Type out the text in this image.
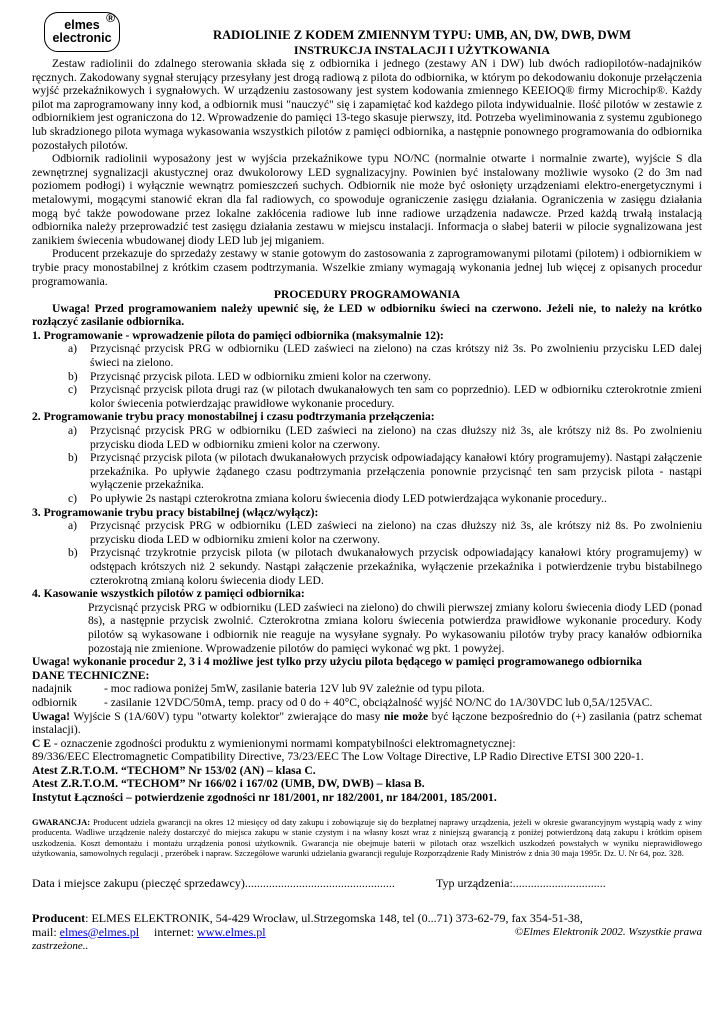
®
elmes
electronic	RADIOLINIE Z KODEM ZMIENNYM TYPU: UMB, AN, DW, DWB, DWM
INSTRUKCJA INSTALACJI I UŻYTKOWANIA

Zestaw radiolinii do zdalnego sterowania składa się z odbiornika i jednego (zestawy AN i DW) lub dwóch radiopilotów-nadajników ręcznych. Zakodowany sygnał sterujący przesyłany jest drogą radiową z pilota do odbiornika, w którym po dekodowaniu dokonuje przełączenia wyjść przekaźnikowych i sygnałowych. W urządzeniu zastosowany jest system kodowania zmiennego KEEIOQ® firmy Microchip®. Każdy pilot ma zaprogramowany inny kod, a odbiornik musi "nauczyć" się i zapamiętać kod każdego pilota indywidualnie. Ilość pilotów w zestawie z odbiornikiem jest ograniczona do 12. Wprowadzenie do pamięci 13-tego skasuje pierwszy, itd. Potrzeba wyeliminowania z systemu zgubionego lub skradzionego pilota wymaga wykasowania wszystkich pilotów z pamięci odbiornika, a następnie ponownego programowania do odbiornika pozostałych pilotów.

Odbiornik radiolinii wyposażony jest w wyjścia przekaźnikowe typu NO/NC (normalnie otwarte i normalnie zwarte), wyjście S dla zewnętrznej sygnalizacji akustycznej oraz dwukolorowy LED sygnalizacyjny. Powinien być instalowany możliwie wysoko (2 do 3m nad poziomem podłogi) i wyłącznie wewnątrz pomieszczeń suchych. Odbiornik nie może być osłonięty urządzeniami elektro-energetycznymi i metalowymi, mogącymi stanowić ekran dla fal radiowych, co spowoduje ograniczenie zasięgu działania. Ograniczenia w zasięgu działania mogą być także powodowane przez lokalne zakłócenia radiowe lub inne radiowe urządzenia nadawcze. Przed każdą trwałą instalacją odbiornika należy przeprowadzić test zasięgu działania zestawu w miejscu instalacji. Informacja o słabej baterii w pilocie sygnalizowana jest zanikiem świecenia wbudowanej diody LED lub jej miganiem.

Producent przekazuje do sprzedaży zestawy w stanie gotowym do zastosowania z zaprogramowanymi pilotami (pilotem) i odbiornikiem w trybie pracy monostabilnej z krótkim czasem podtrzymania. Wszelkie zmiany wymagają wykonania jednej lub więcej z opisanych procedur programowania.

PROCEDURY PROGRAMOWANIA

Uwaga! Przed programowaniem należy upewnić się, że LED w odbiorniku świeci na czerwono. Jeżeli nie, to należy na krótko rozłączyć zasilanie odbiornika.

1. Programowanie - wprowadzenie pilota do pamięci odbiornika (maksymalnie 12):
a)	Przycisnąć przycisk PRG w odbiorniku (LED zaświeci na zielono) na czas krótszy niż 3s. Po zwolnieniu przycisku LED dalej świeci na zielono.
b)	Przycisnąć przycisk pilota. LED w odbiorniku zmieni kolor na czerwony.
c)	Przycisnąć przycisk pilota drugi raz (w pilotach dwukanałowych ten sam co poprzednio). LED w odbiorniku czterokrotnie zmieni kolor świecenia potwierdzając prawidłowe wykonanie procedury.
2. Programowanie trybu pracy monostabilnej i czasu podtrzymania przełączenia:
a)	Przycisnąć przycisk PRG w odbiorniku (LED zaświeci na zielono) na czas dłuższy niż 3s, ale krótszy niż 8s. Po zwolnieniu przycisku dioda LED w odbiorniku zmieni kolor na czerwony.
b)	Przycisnąć przycisk pilota (w pilotach dwukanałowych przycisk odpowiadający kanałowi który programujemy). Nastąpi załączenie przekaźnika. Po upływie żądanego czasu podtrzymania przełączenia ponownie przycisnąć ten sam przycisk pilota - nastąpi wyłączenie przekaźnika.
c)	Po upływie 2s nastąpi czterokrotna zmiana koloru świecenia diody LED potwierdzająca wykonanie procedury..
3. Programowanie trybu pracy bistabilnej (włącz/wyłącz):
a)	Przycisnąć przycisk PRG w odbiorniku (LED zaświeci na zielono) na czas dłuższy niż 3s, ale krótszy niż 8s. Po zwolnieniu przycisku dioda LED w odbiorniku zmieni kolor na czerwony.
b)	Przycisnąć trzykrotnie przycisk pilota (w pilotach dwukanałowych przycisk odpowiadający kanałowi który programujemy) w odstępach krótszych niż 2 sekundy. Nastąpi załączenie przekaźnika, wyłączenie przekaźnika i potwierdzenie trybu bistabilnego czterokrotną zmianą koloru świecenia diody LED.
4. Kasowanie wszystkich pilotów z pamięci odbiornika:
Przycisnąć przycisk PRG w odbiorniku (LED zaświeci na zielono) do chwili pierwszej zmiany koloru świecenia diody LED (ponad 8s), a następnie przycisk zwolnić. Czterokrotna zmiana koloru świecenia potwierdza prawidłowe wykonanie procedury. Kody pilotów są wykasowane i odbiornik nie reaguje na wysyłane sygnały. Po wykasowaniu pilotów tryby pracy kanałów odbiornika pozostają nie zmienione. Wprowadzenie pilotów do pamięci wykonać wg pkt. 1 powyżej.
Uwaga! wykonanie procedur 2, 3 i 4 możliwe jest tylko przy użyciu pilota będącego w pamięci programowanego odbiornika
DANE TECHNICZNE:
nadajnik	- moc radiowa poniżej 5mW, zasilanie bateria 12V lub 9V zależnie od typu pilota.
odbiornik	- zasilanie 12VDC/50mA, temp. pracy od 0 do + 40°C, obciążalność wyjść NO/NC do 1A/30VDC lub 0,5A/125VAC.

Uwaga! Wyjście S (1A/60V) typu "otwarty kolektor" zwierające do masy nie może być łączone bezpośrednio do (+) zasilania (patrz schemat instalacji).

C E - oznaczenie zgodności produktu z wymienionymi normami kompatybilności elektromagnetycznej:

89/336/EEC Electromagnetic Compatibility Directive, 73/23/EEC The Low Voltage Directive, LP Radio Directive ETSI 300 220-1.

Atest Z.R.T.O.M. “TECHOM” Nr 153/02 (AN) – klasa C.
Atest Z.R.T.O.M. “TECHOM” Nr 166/02 i 167/02 (UMB, DW, DWB) – klasa B.
Instytut Łączności – potwierdzenie zgodności nr 181/2001, nr 182/2001, nr 184/2001, 185/2001.
GWARANCJA: Producent udziela gwarancji na okres 12 miesięcy od daty zakupu i zobowiązuje się do bezpłatnej naprawy urządzenia, jeżeli w okresie gwarancyjnym wystąpią wady z winy producenta. Wadliwe urządzenie należy dostarczyć do miejsca zakupu w stanie czystym i na własny koszt wraz z niniejszą gwarancją z poniżej potwierdzoną datą zakupu i krótkim opisem uszkodzenia. Koszt demontażu i montażu urządzenia ponosi użytkownik. Gwarancja nie obejmuje baterii w pilotach oraz wszelkich uszkodzeń powstałych w wyniku nieprawidłowego użytkowania, samowolnych regulacji , przeróbek i napraw. Szczegółowe warunki udzielania gwarancji reguluje Rozporządzenie Rady Ministrów z dnia 30 maja 1995r. Dz. U. Nr 64, poz. 328.
Data i miejsce zakupu (pieczęć sprzedawcy)..................................................	Typ urządzenia:...............................
Producent: ELMES ELEKTRONIK, 54-429 Wrocław, ul.Strzegomska 148, tel (0...71) 373-62-79, fax 354-51-38,
mail: elmes@elmes.pl     internet: www.elmes.pl	©Elmes Elektronik 2002. Wszystkie prawa
zastrzeżone..
